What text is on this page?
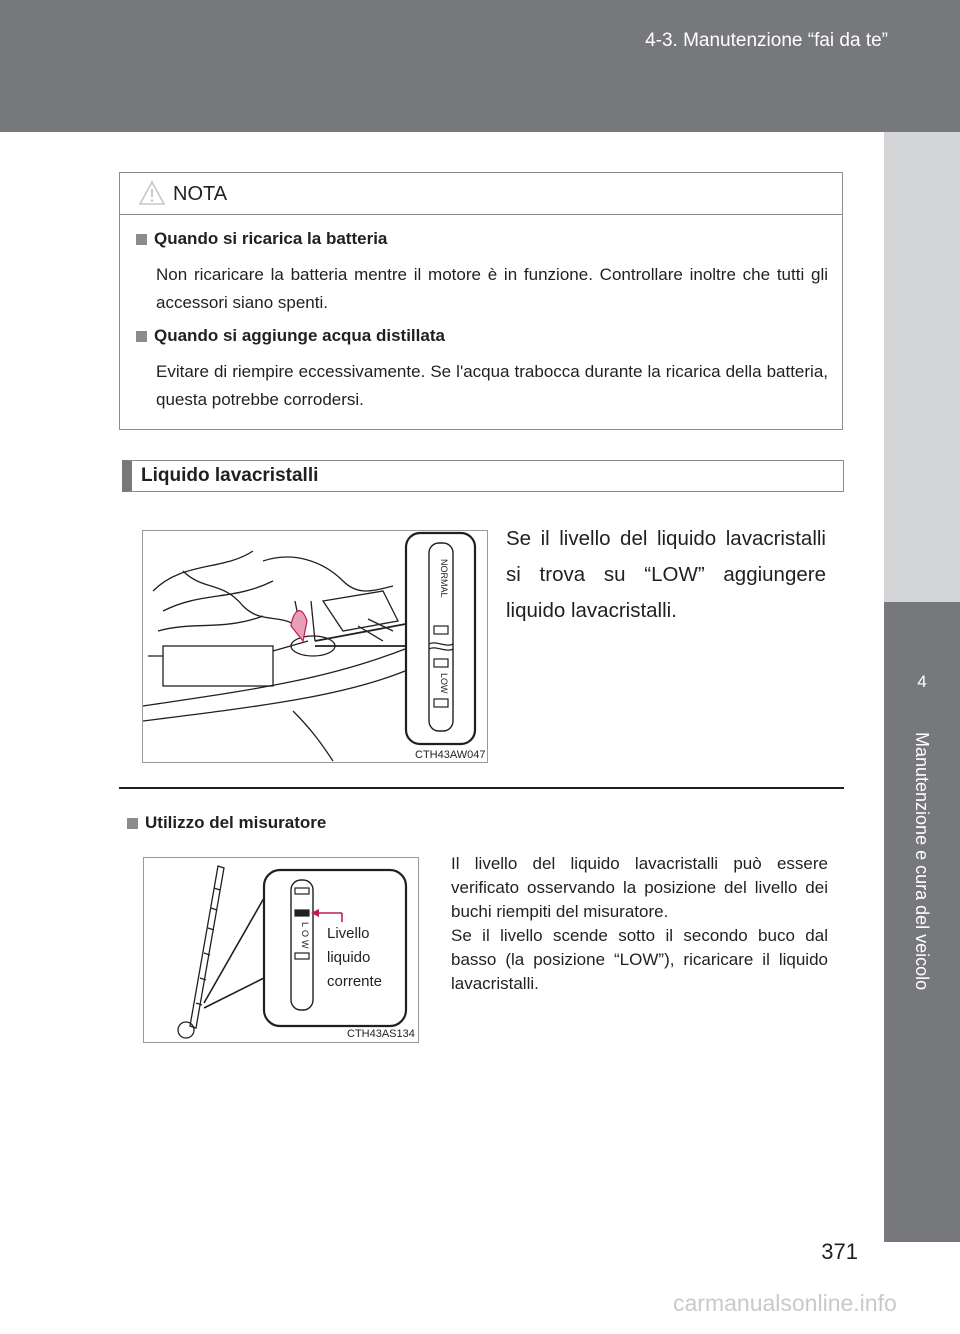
4-3. Manutenzione “fai da te”
4
Manutenzione e cura del veicolo
NOTA
Quando si ricarica la batteria

Non ricaricare la batteria mentre il motore è in funzione. Controllare inoltre che tutti gli accessori siano spenti.

Quando si aggiunge acqua distillata

Evitare di riempire eccessivamente. Se l'acqua trabocca durante la ricarica della batteria, questa potrebbe corrodersi.

Liquido lavacristalli
NORMAL
LOW
CTH43AW047
Se il livello del liquido lavacristalli si trova su “LOW” aggiungere liquido lavacristalli.
Utilizzo del misuratore
LOW Livello
liquido
corrente
CTH43AS134

Il livello del liquido lavacristalli può essere verificato osservando la posizione del livello dei buchi riempiti del misuratore.

Se il livello scende sotto il secondo buco dal basso (la posizione “LOW”), ricaricare il liquido lavacristalli.

371
carmanualsonline.info
